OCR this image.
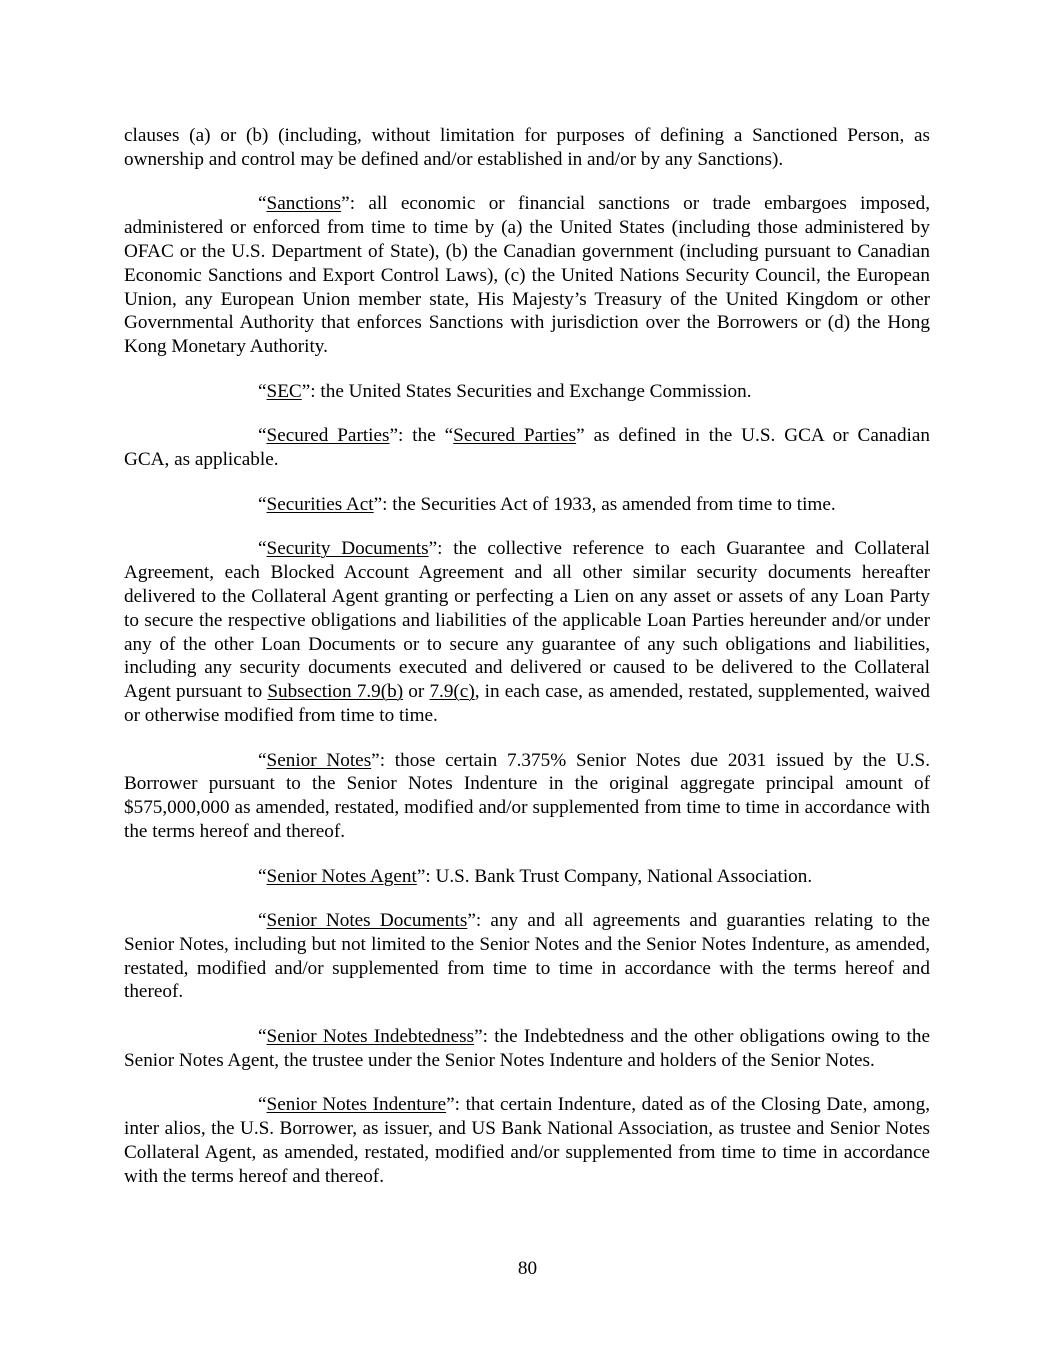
clauses (a) or (b) (including, without limitation for purposes of defining a Sanctioned Person, as ownership and control may be defined and/or established in and/or by any Sanctions).

“Sanctions”: all economic or financial sanctions or trade embargoes imposed, administered or enforced from time to time by (a) the United States (including those administered by OFAC or the U.S. Department of State), (b) the Canadian government (including pursuant to Canadian Economic Sanctions and Export Control Laws), (c) the United Nations Security Council, the European Union, any European Union member state, His Majesty’s Treasury of the United Kingdom or other Governmental Authority that enforces Sanctions with jurisdiction over the Borrowers or (d) the Hong Kong Monetary Authority.

“SEC”: the United States Securities and Exchange Commission.

“Secured Parties”: the “Secured Parties” as defined in the U.S. GCA or Canadian GCA, as applicable.

“Securities Act”: the Securities Act of 1933, as amended from time to time.

“Security Documents”: the collective reference to each Guarantee and Collateral Agreement, each Blocked Account Agreement and all other similar security documents hereafter delivered to the Collateral Agent granting or perfecting a Lien on any asset or assets of any Loan Party to secure the respective obligations and liabilities of the applicable Loan Parties hereunder and/or under any of the other Loan Documents or to secure any guarantee of any such obligations and liabilities, including any security documents executed and delivered or caused to be delivered to the Collateral Agent pursuant to Subsection 7.9(b) or 7.9(c), in each case, as amended, restated, supplemented, waived or otherwise modified from time to time.

“Senior Notes”: those certain 7.375% Senior Notes due 2031 issued by the U.S. Borrower pursuant to the Senior Notes Indenture in the original aggregate principal amount of $575,000,000 as amended, restated, modified and/or supplemented from time to time in accordance with the terms hereof and thereof.

“Senior Notes Agent”: U.S. Bank Trust Company, National Association.

“Senior Notes Documents”: any and all agreements and guaranties relating to the Senior Notes, including but not limited to the Senior Notes and the Senior Notes Indenture, as amended, restated, modified and/or supplemented from time to time in accordance with the terms hereof and thereof.

“Senior Notes Indebtedness”: the Indebtedness and the other obligations owing to the Senior Notes Agent, the trustee under the Senior Notes Indenture and holders of the Senior Notes.

“Senior Notes Indenture”: that certain Indenture, dated as of the Closing Date, among, inter alios, the U.S. Borrower, as issuer, and US Bank National Association, as trustee and Senior Notes Collateral Agent, as amended, restated, modified and/or supplemented from time to time in accordance with the terms hereof and thereof.

80
